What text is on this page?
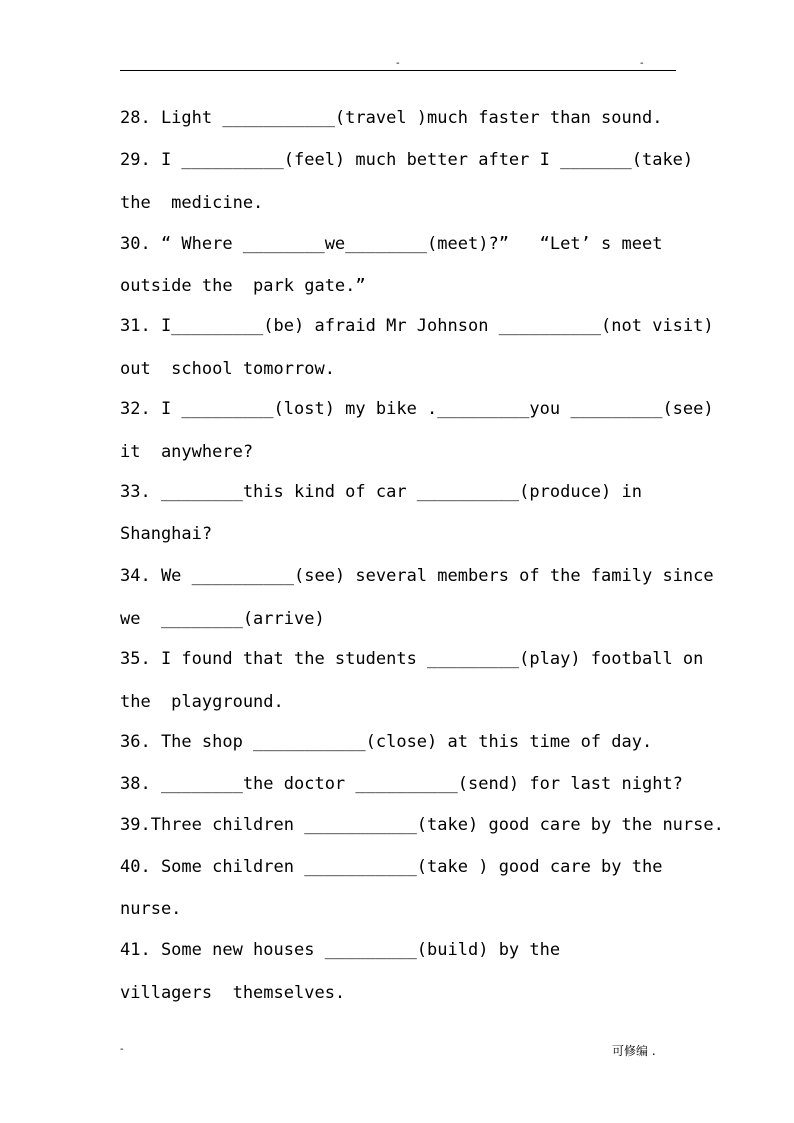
-	-
28. Light ___________(travel )much faster than sound.
29. I __________(feel) much better after I _______(take)
the  medicine.
30. “ Where ________we________(meet)?”   “Let’ s meet
outside the  park gate.”
31. I_________(be) afraid Mr Johnson __________(not visit)
out  school tomorrow.
32. I _________(lost) my bike ._________you _________(see)
it  anywhere?
33. ________this kind of car __________(produce) in
Shanghai?
34. We __________(see) several members of the family since
we  ________(arrive)
35. I found that the students _________(play) football on
the  playground.
36. The shop ___________(close) at this time of day.
38. ________the doctor __________(send) for last night?
39.Three children ___________(take) good care by the nurse.
40. Some children ___________(take ) good care by the
nurse.
41. Some new houses _________(build) by the
villagers  themselves.
-	可修编 .
